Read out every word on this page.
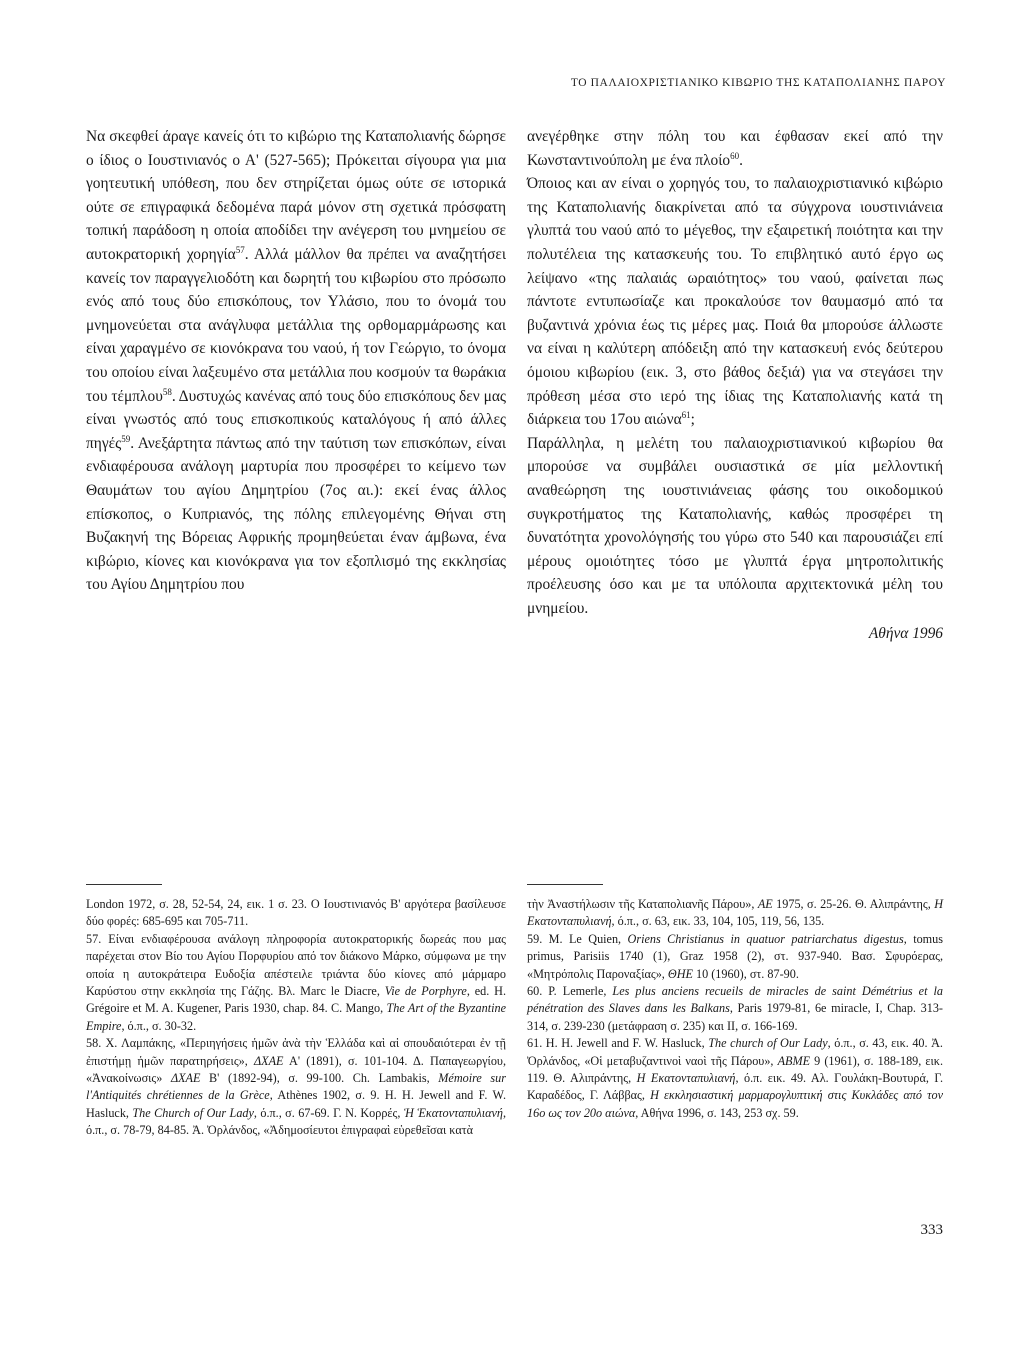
ΤΟ ΠΑΛΑΙΟΧΡΙΣΤΙΑΝΙΚΟ ΚΙΒΩΡΙΟ ΤΗΣ ΚΑΤΑΠΟΛΙΑΝΗΣ ΠΑΡΟΥ

Να σκεφθεί άραγε κανείς ότι το κιβώριο της Καταπολιανής δώρησε ο ίδιος ο Ιουστινιανός ο Α' (527-565); Πρόκειται σίγουρα για μια γοητευτική υπόθεση, που δεν στηρίζεται όμως ούτε σε ιστορικά ούτε σε επιγραφικά δεδομένα παρά μόνον στη σχετικά πρόσφατη τοπική παράδοση η οποία αποδίδει την ανέγερση του μνημείου σε αυτοκρατορική χορηγία$^{57}$. Αλλά μάλλον θα πρέπει να αναζητήσει κανείς τον παραγγελιοδότη και δωρητή του κιβωρίου στο πρόσωπο ενός από τους δύο επισκόπους, τον Υλάσιο, που το όνομά του μνημονεύεται στα ανάγλυφα μετάλλια της ορθομαρμάρωσης και είναι χαραγμένο σε κιονόκρανα του ναού, ή τον Γεώργιο, το όνομα του οποίου είναι λαξευμένο στα μετάλλια που κοσμούν τα θωράκια του τέμπλου$^{58}$. Δυστυχώς κανένας από τους δύο επισκόπους δεν μας είναι γνωστός από τους επισκοπικούς καταλόγους ή από άλλες πηγές$^{59}$. Ανεξάρτητα πάντως από την ταύτιση των επισκόπων, είναι ενδιαφέρουσα ανάλογη μαρτυρία που προσφέρει το κείμενο των Θαυμάτων του αγίου Δημητρίου (7ος αι.): εκεί ένας άλλος επίσκοπος, ο Κυπριανός, της πόλης επιλεγομένης Θήναι στη Βυζακηνή της Βόρειας Αφρικής προμηθεύεται έναν άμβωνα, ένα κιβώριο, κίονες και κιονόκρανα για τον εξοπλισμό της εκκλησίας του Αγίου Δημητρίου που

ανεγέρθηκε στην πόλη του και έφθασαν εκεί από την Κωνσταντινούπολη με ένα πλοίο$^{60}$.

Όποιος και αν είναι ο χορηγός του, το παλαιοχριστιανικό κιβώριο της Καταπολιανής διακρίνεται από τα σύγχρονα ιουστινιάνεια γλυπτά του ναού από το μέγεθος, την εξαιρετική ποιότητα και την πολυτέλεια της κατασκευής του. Το επιβλητικό αυτό έργο ως λείψανο «της παλαιάς ωραιότητος» του ναού, φαίνεται πως πάντοτε εντυπωσίαζε και προκαλούσε τον θαυμασμό από τα βυζαντινά χρόνια έως τις μέρες μας. Ποιά θα μπορούσε άλλωστε να είναι η καλύτερη απόδειξη από την κατασκευή ενός δεύτερου όμοιου κιβωρίου (εικ. 3, στο βάθος δεξιά) για να στεγάσει την πρόθεση μέσα στο ιερό της ίδιας της Καταπολιανής κατά τη διάρκεια του 17ου αιώνα$^{61}$;

Παράλληλα, η μελέτη του παλαιοχριστιανικού κιβωρίου θα μπορούσε να συμβάλει ουσιαστικά σε μία μελλοντική αναθεώρηση της ιουστινιάνειας φάσης του οικοδομικού συγκροτήματος της Καταπολιανής, καθώς προσφέρει τη δυνατότητα χρονολόγησής του γύρω στο 540 και παρουσιάζει επί μέρους ομοιότητες τόσο με γλυπτά έργα μητροπολιτικής προέλευσης όσο και με τα υπόλοιπα αρχιτεκτονικά μέλη του μνημείου.

Αθήνα 1996

London 1972, σ. 28, 52-54, 24, εικ. 1 σ. 23. Ο Ιουστινιανός Β' αργότερα βασίλευσε δύο φορές: 685-695 και 705-711.

57. Είναι ενδιαφέρουσα ανάλογη πληροφορία αυτοκρατορικής δωρεάς που μας παρέχεται στον Βίο του Αγίου Πορφυρίου από τον διάκονο Μάρκο, σύμφωνα με την οποία η αυτοκράτειρα Ευδοξία απέστειλε τριάντα δύο κίονες από μάρμαρο Καρύστου στην εκκλησία της Γάζης. Βλ. Marc le Diacre, Vie de Porphyre, ed. H. Grégoire et M. A. Kugener, Paris 1930, chap. 84. C. Mango, The Art of the Byzantine Empire, ό.π., σ. 30-32.

58. Χ. Λαμπάκης, «Περιηγήσεις ἡμῶν ἀνὰ τὴν Ἑλλάδα καὶ αἱ σπουδαιότεραι ἐν τῇ ἐπιστήμῃ ἡμῶν παρατηρήσεις», ΔΧΑΕ Α' (1891), σ. 101-104. Δ. Παπαγεωργίου, «Ἀνακοίνωσις» ΔΧΑΕ Β' (1892-94), σ. 99-100. Ch. Lambakis, Mémoire sur l'Antiquités chrétiennes de la Grèce, Athènes 1902, σ. 9. H. H. Jewell and F. W. Hasluck, The Church of Our Lady, ό.π., σ. 67-69. Γ. Ν. Κορρές, Ἡ Ἑκατονταπυλιανή, ό.π., σ. 78-79, 84-85. Ἀ. Ὀρλάνδος, «Ἀδημοσίευτοι ἐπιγραφαὶ εὑρεθεῖσαι κατὰ

τὴν Ἀναστήλωσιν τῆς Καταπολιανῆς Πάρου», ΑΕ 1975, σ. 25-26. Θ. Αλιπράντης, Η Εκατονταπυλιανή, ό.π., σ. 63, εικ. 33, 104, 105, 119, 56, 135.

59. M. Le Quien, Oriens Christianus in quatuor patriarchatus digestus, tomus primus, Parisiis 1740 (1), Graz 1958 (2), στ. 937-940. Βασ. Σφυρόερας, «Μητρόπολις Παροναξίας», ΘΗΕ 10 (1960), στ. 87-90.

60. P. Lemerle, Les plus anciens recueils de miracles de saint Démétrius et la pénétration des Slaves dans les Balkans, Paris 1979-81, 6e miracle, I, Chap. 313-314, σ. 239-230 (μετάφραση σ. 235) και II, σ. 166-169.

61. H. H. Jewell and F. W. Hasluck, The church of Our Lady, ό.π., σ. 43, εικ. 40. Ἀ. Ὀρλάνδος, «Οἱ μεταβυζαντινοὶ ναοὶ τῆς Πάρου», ΑΒΜΕ 9 (1961), σ. 188-189, εικ. 119. Θ. Αλιπράντης, Η Εκατονταπυλιανή, ό.π. εικ. 49. Αλ. Γουλάκη-Βουτυρά, Γ. Καραδέδος, Γ. Λάββας, Η εκκλησιαστική μαρμαρογλυπτική στις Κυκλάδες από τον 16ο ως τον 20ο αιώνα, Αθήνα 1996, σ. 143, 253 σχ. 59.

333
